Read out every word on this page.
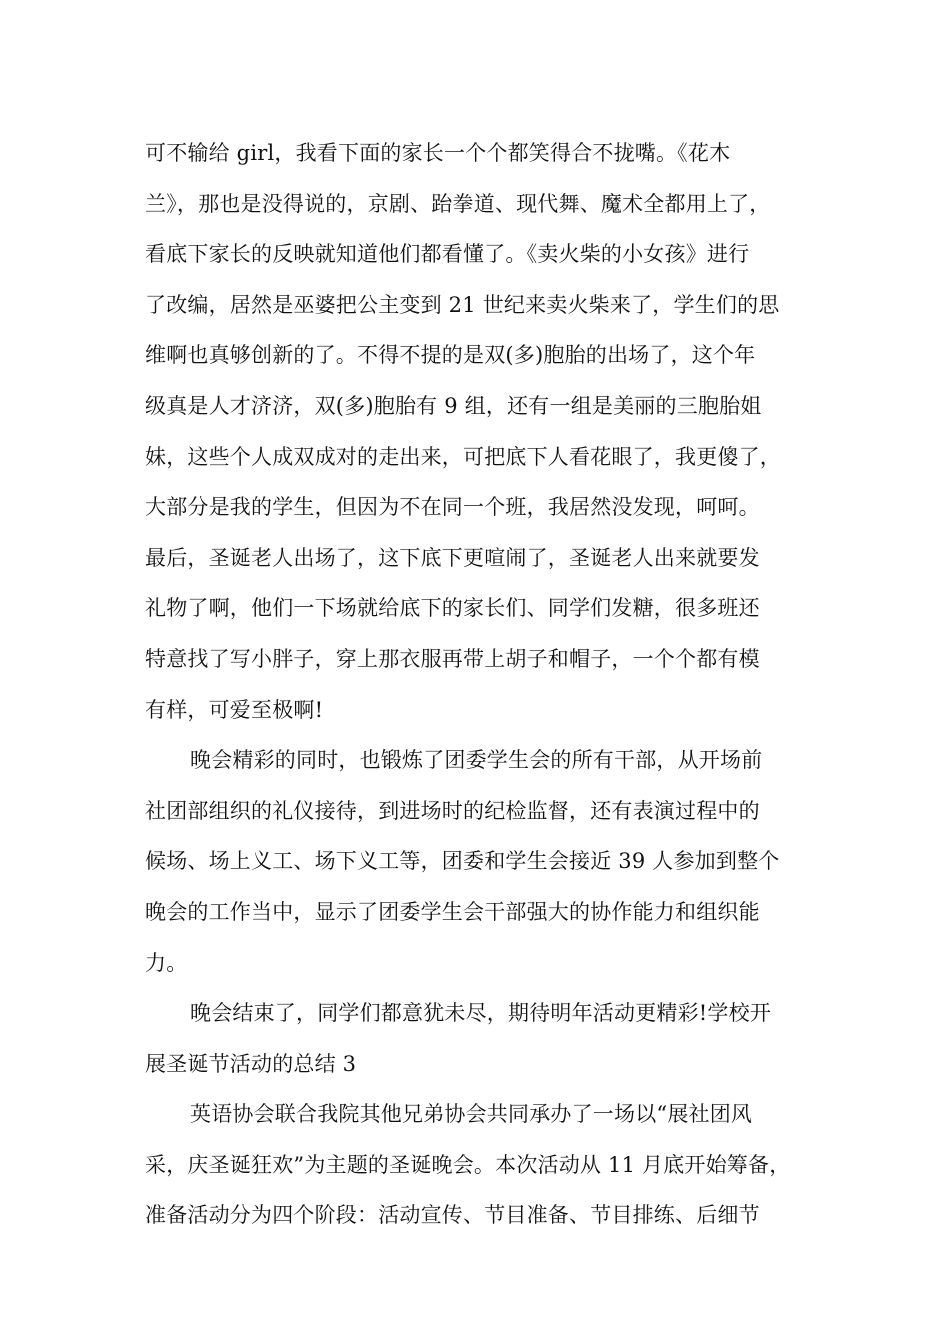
可不输给 girl，我看下面的家长一个个都笑得合不拢嘴。《花木
兰》，那也是没得说的，京剧、跆拳道、现代舞、魔术全都用上了，
看底下家长的反映就知道他们都看懂了。《卖火柴的小女孩》进行
了改编，居然是巫婆把公主变到 21 世纪来卖火柴来了，学生们的思
维啊也真够创新的了。不得不提的是双(多)胞胎的出场了，这个年
级真是人才济济，双(多)胞胎有 9 组，还有一组是美丽的三胞胎姐
妹，这些个人成双成对的走出来，可把底下人看花眼了，我更傻了，
大部分是我的学生，但因为不在同一个班，我居然没发现，呵呵。
最后，圣诞老人出场了，这下底下更喧闹了，圣诞老人出来就要发
礼物了啊，他们一下场就给底下的家长们、同学们发糖，很多班还
特意找了写小胖子，穿上那衣服再带上胡子和帽子，一个个都有模
有样，可爱至极啊!
晚会精彩的同时，也锻炼了团委学生会的所有干部，从开场前
社团部组织的礼仪接待，到进场时的纪检监督，还有表演过程中的
候场、场上义工、场下义工等，团委和学生会接近 39 人参加到整个
晚会的工作当中，显示了团委学生会干部强大的协作能力和组织能
力。
晚会结束了，同学们都意犹未尽，期待明年活动更精彩!学校开
展圣诞节活动的总结 3
英语协会联合我院其他兄弟协会共同承办了一场以“展社团风
采，庆圣诞狂欢”为主题的圣诞晚会。本次活动从 11 月底开始筹备，
准备活动分为四个阶段：活动宣传、节目准备、节目排练、后细节
